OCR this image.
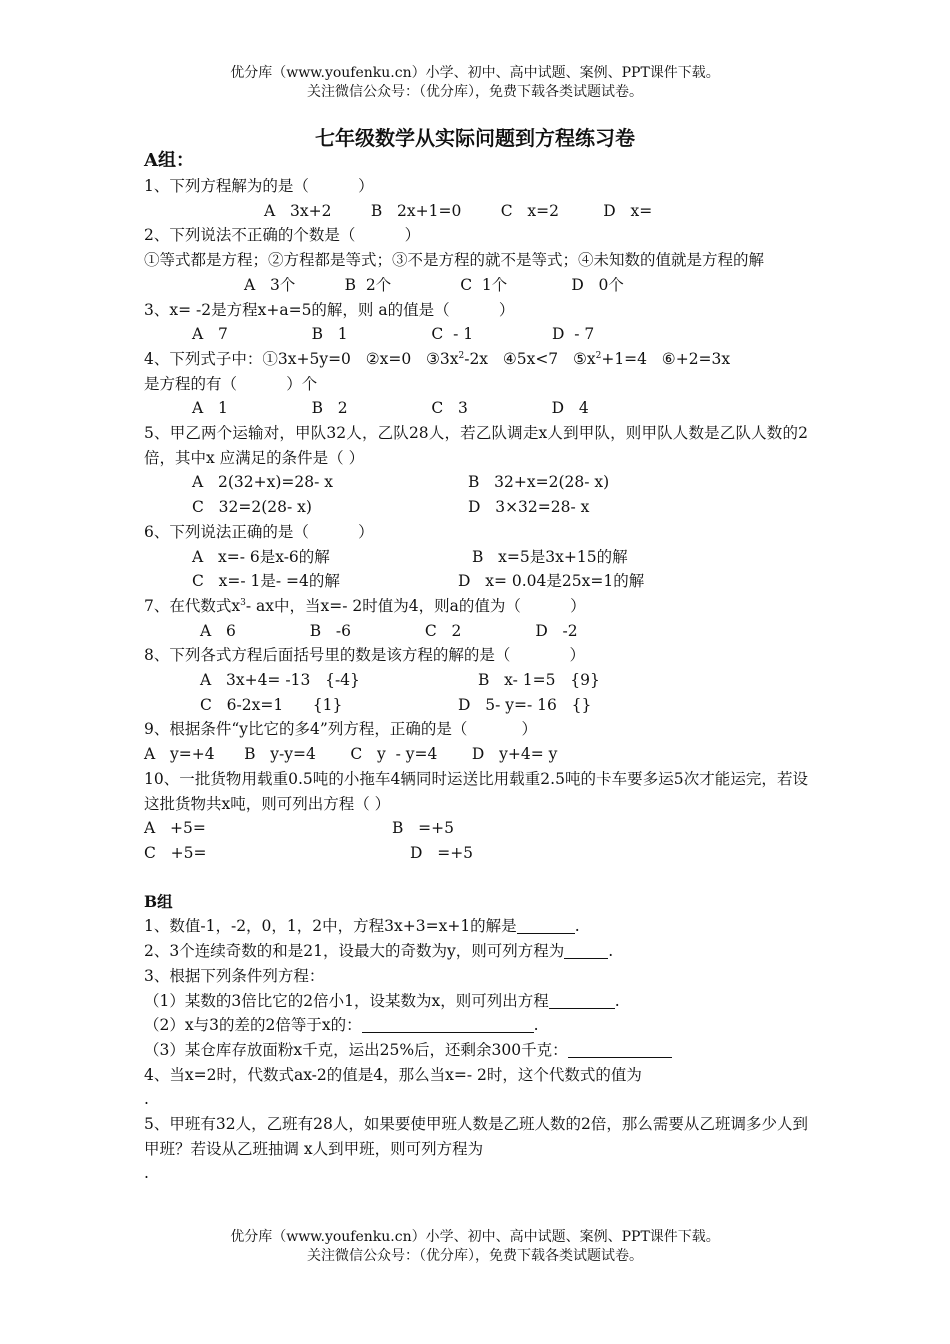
优分库（www.youfenku.cn）小学、初中、高中试题、案例、PPT课件下载。
关注微信公众号：（优分库），免费下载各类试题试卷。
七年级数学从实际问题到方程练习卷

A组：

1、下列方程解为的是（          ）

A   3x+2        B   2x+1=0        C   x=2         D   x=

2、下列说法不正确的个数是（          ）

①等式都是方程；②方程都是等式；③不是方程的就不是等式；④未知数的值就是方程的解

A   3个          B  2个              C  1个             D   0个

3、x= -2是方程x+a=5的解，则 a的值是（          ）

A   7                 B   1                 C  - 1                D  - 7

4、下列式子中：①3x+5y=0   ②x=0   $③3x^2-2x$   ④5x<7   $⑤x^2+1=4$   ⑥+2=3x

是方程的有（          ）个

A   1                 B   2                 C   3                 D   4

5、甲乙两个运输对，甲队32人，乙队28人，若乙队调走x人到甲队，则甲队人数是乙队人数的2倍，其中x 应满足的条件是（ ）

A   2(32+x)=28- x	B   32+x=2(28- x)

C   32=2(28- x)	D   3×32=28- x

6、下列说法正确的是（          ）

A   x=- 6是x-6的解	B   x=5是3x+15的解

C   x=- 1是- =4的解	D   x= 0.04是25x=1的解

7、在代数式$x^3-$ ax中，当x=- 2时值为4，则a的值为（          ）

A   6               B   -6               C   2               D   -2

8、下列各式方程后面括号里的数是该方程的解的是（            ）

A   3x+4= -13   {-4}	B   x- 1=5   {9}

C   6-2x=1      {1}	D   5- y=- 16   {}

9、根据条件“y比它的多4”列方程，正确的是（           ）

A   y=+4      B   y-y=4       C   y  - y=4       D   y+4= y

10、一批货物用载重0.5吨的小拖车4辆同时运送比用载重2.5吨的卡车要多运5次才能运完，若设这批货物共x吨，则可列出方程（ ）

A   +5=	B   =+5

C   +5=	D   =+5

B组

1、数值-1，-2，0，1，2中，方程3x+3=x+1的解是	.

2、3个连续奇数的和是21，设最大的奇数为y，则可列方程为	.

3、根据下列条件列方程：

（1）某数的3倍比它的2倍小1，设某数为x，则可列出方程	.

（2）x与3的差的2倍等于x的：	.

（3）某仓库存放面粉x千克，运出25%后，还剩余300千克：

4、当x=2时，代数式ax-2的值是4，那么当x=- 2时，这个代数式的值为
.

5、甲班有32人，乙班有28人，如果要使甲班人数是乙班人数的2倍，那么需要从乙班调多少人到甲班？若设从乙班抽调 x人到甲班，则可列方程为
.

优分库（www.youfenku.cn）小学、初中、高中试题、案例、PPT课件下载。
关注微信公众号：（优分库），免费下载各类试题试卷。
